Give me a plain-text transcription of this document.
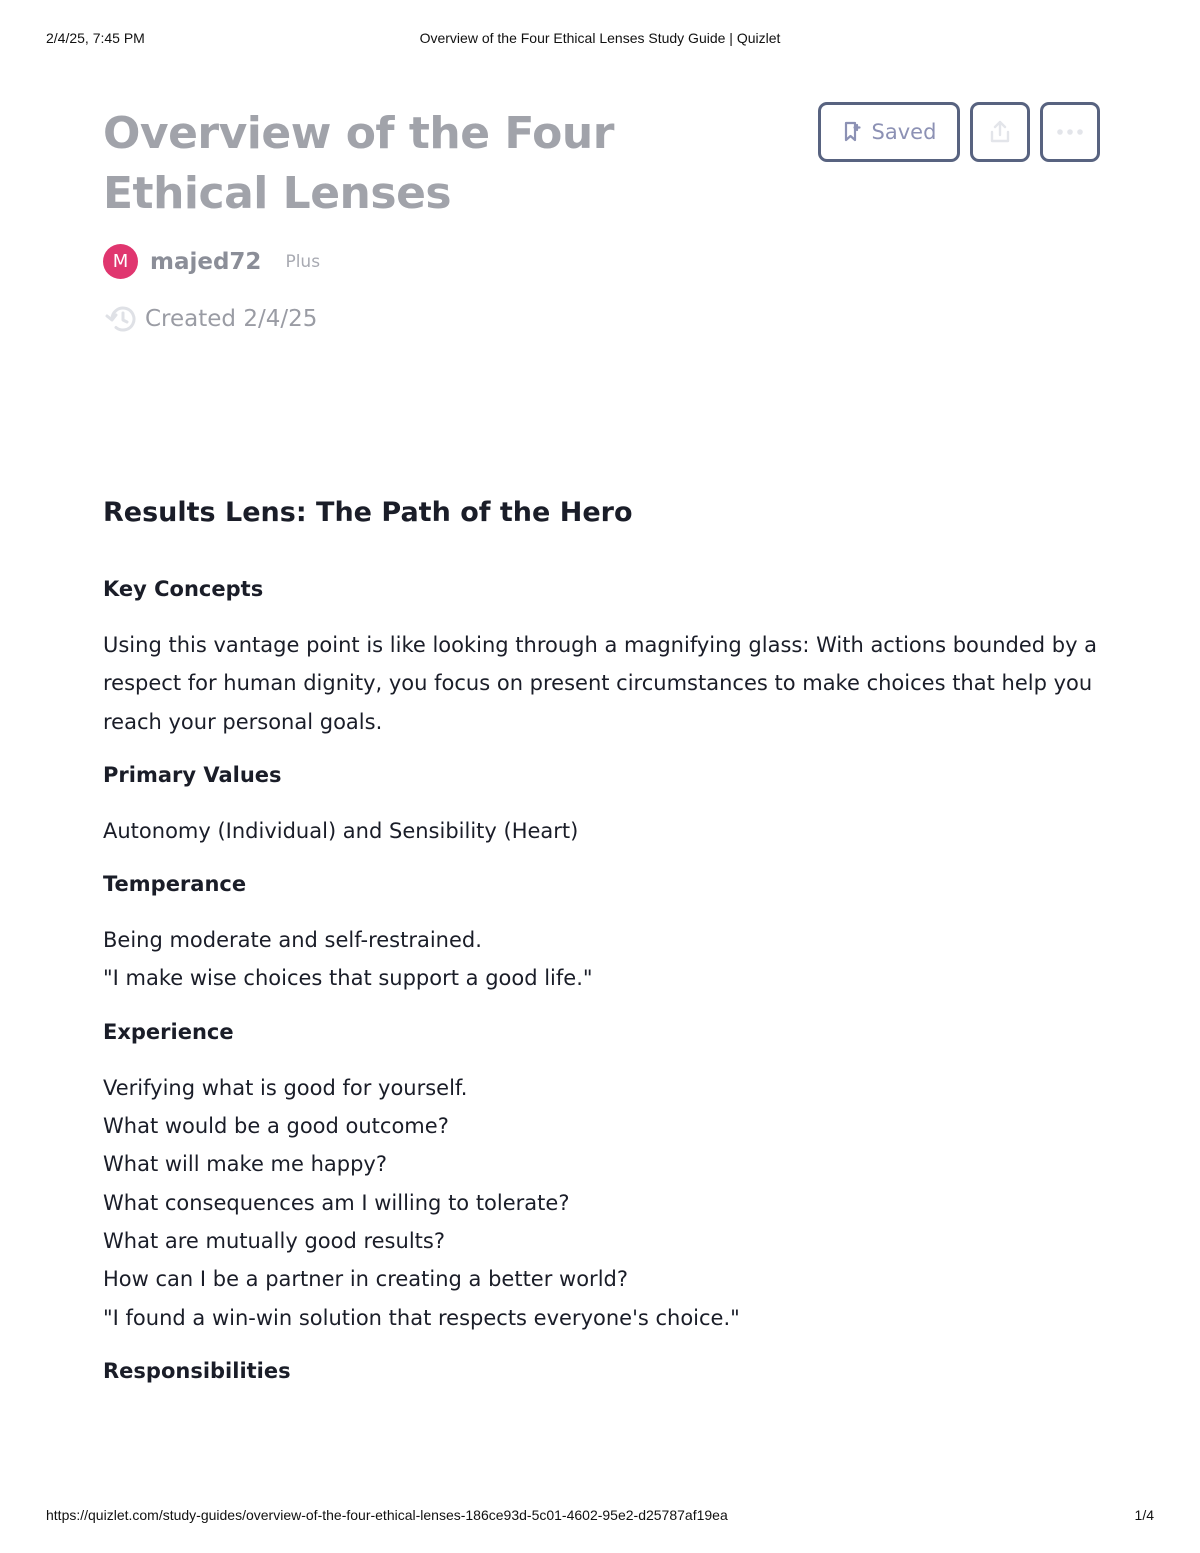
2/4/25, 7:45 PM	Overview of the Four Ethical Lenses Study Guide | Quizlet
Overview of the Four Ethical Lenses
Saved
M majed72 Plus
Created 2/4/25
Results Lens: The Path of the Hero
Key Concepts

Using this vantage point is like looking through a magnifying glass: With actions bounded by a
respect for human dignity, you focus on present circumstances to make choices that help you
reach your personal goals.

Primary Values

Autonomy (Individual) and Sensibility (Heart)

Temperance

Being moderate and self-restrained.
"I make wise choices that support a good life."

Experience

Verifying what is good for yourself.
What would be a good outcome?
What will make me happy?
What consequences am I willing to tolerate?
What are mutually good results?
How can I be a partner in creating a better world?
"I found a win-win solution that respects everyone's choice."

Responsibilities
https://quizlet.com/study-guides/overview-of-the-four-ethical-lenses-186ce93d-5c01-4602-95e2-d25787af19ea	1/4
